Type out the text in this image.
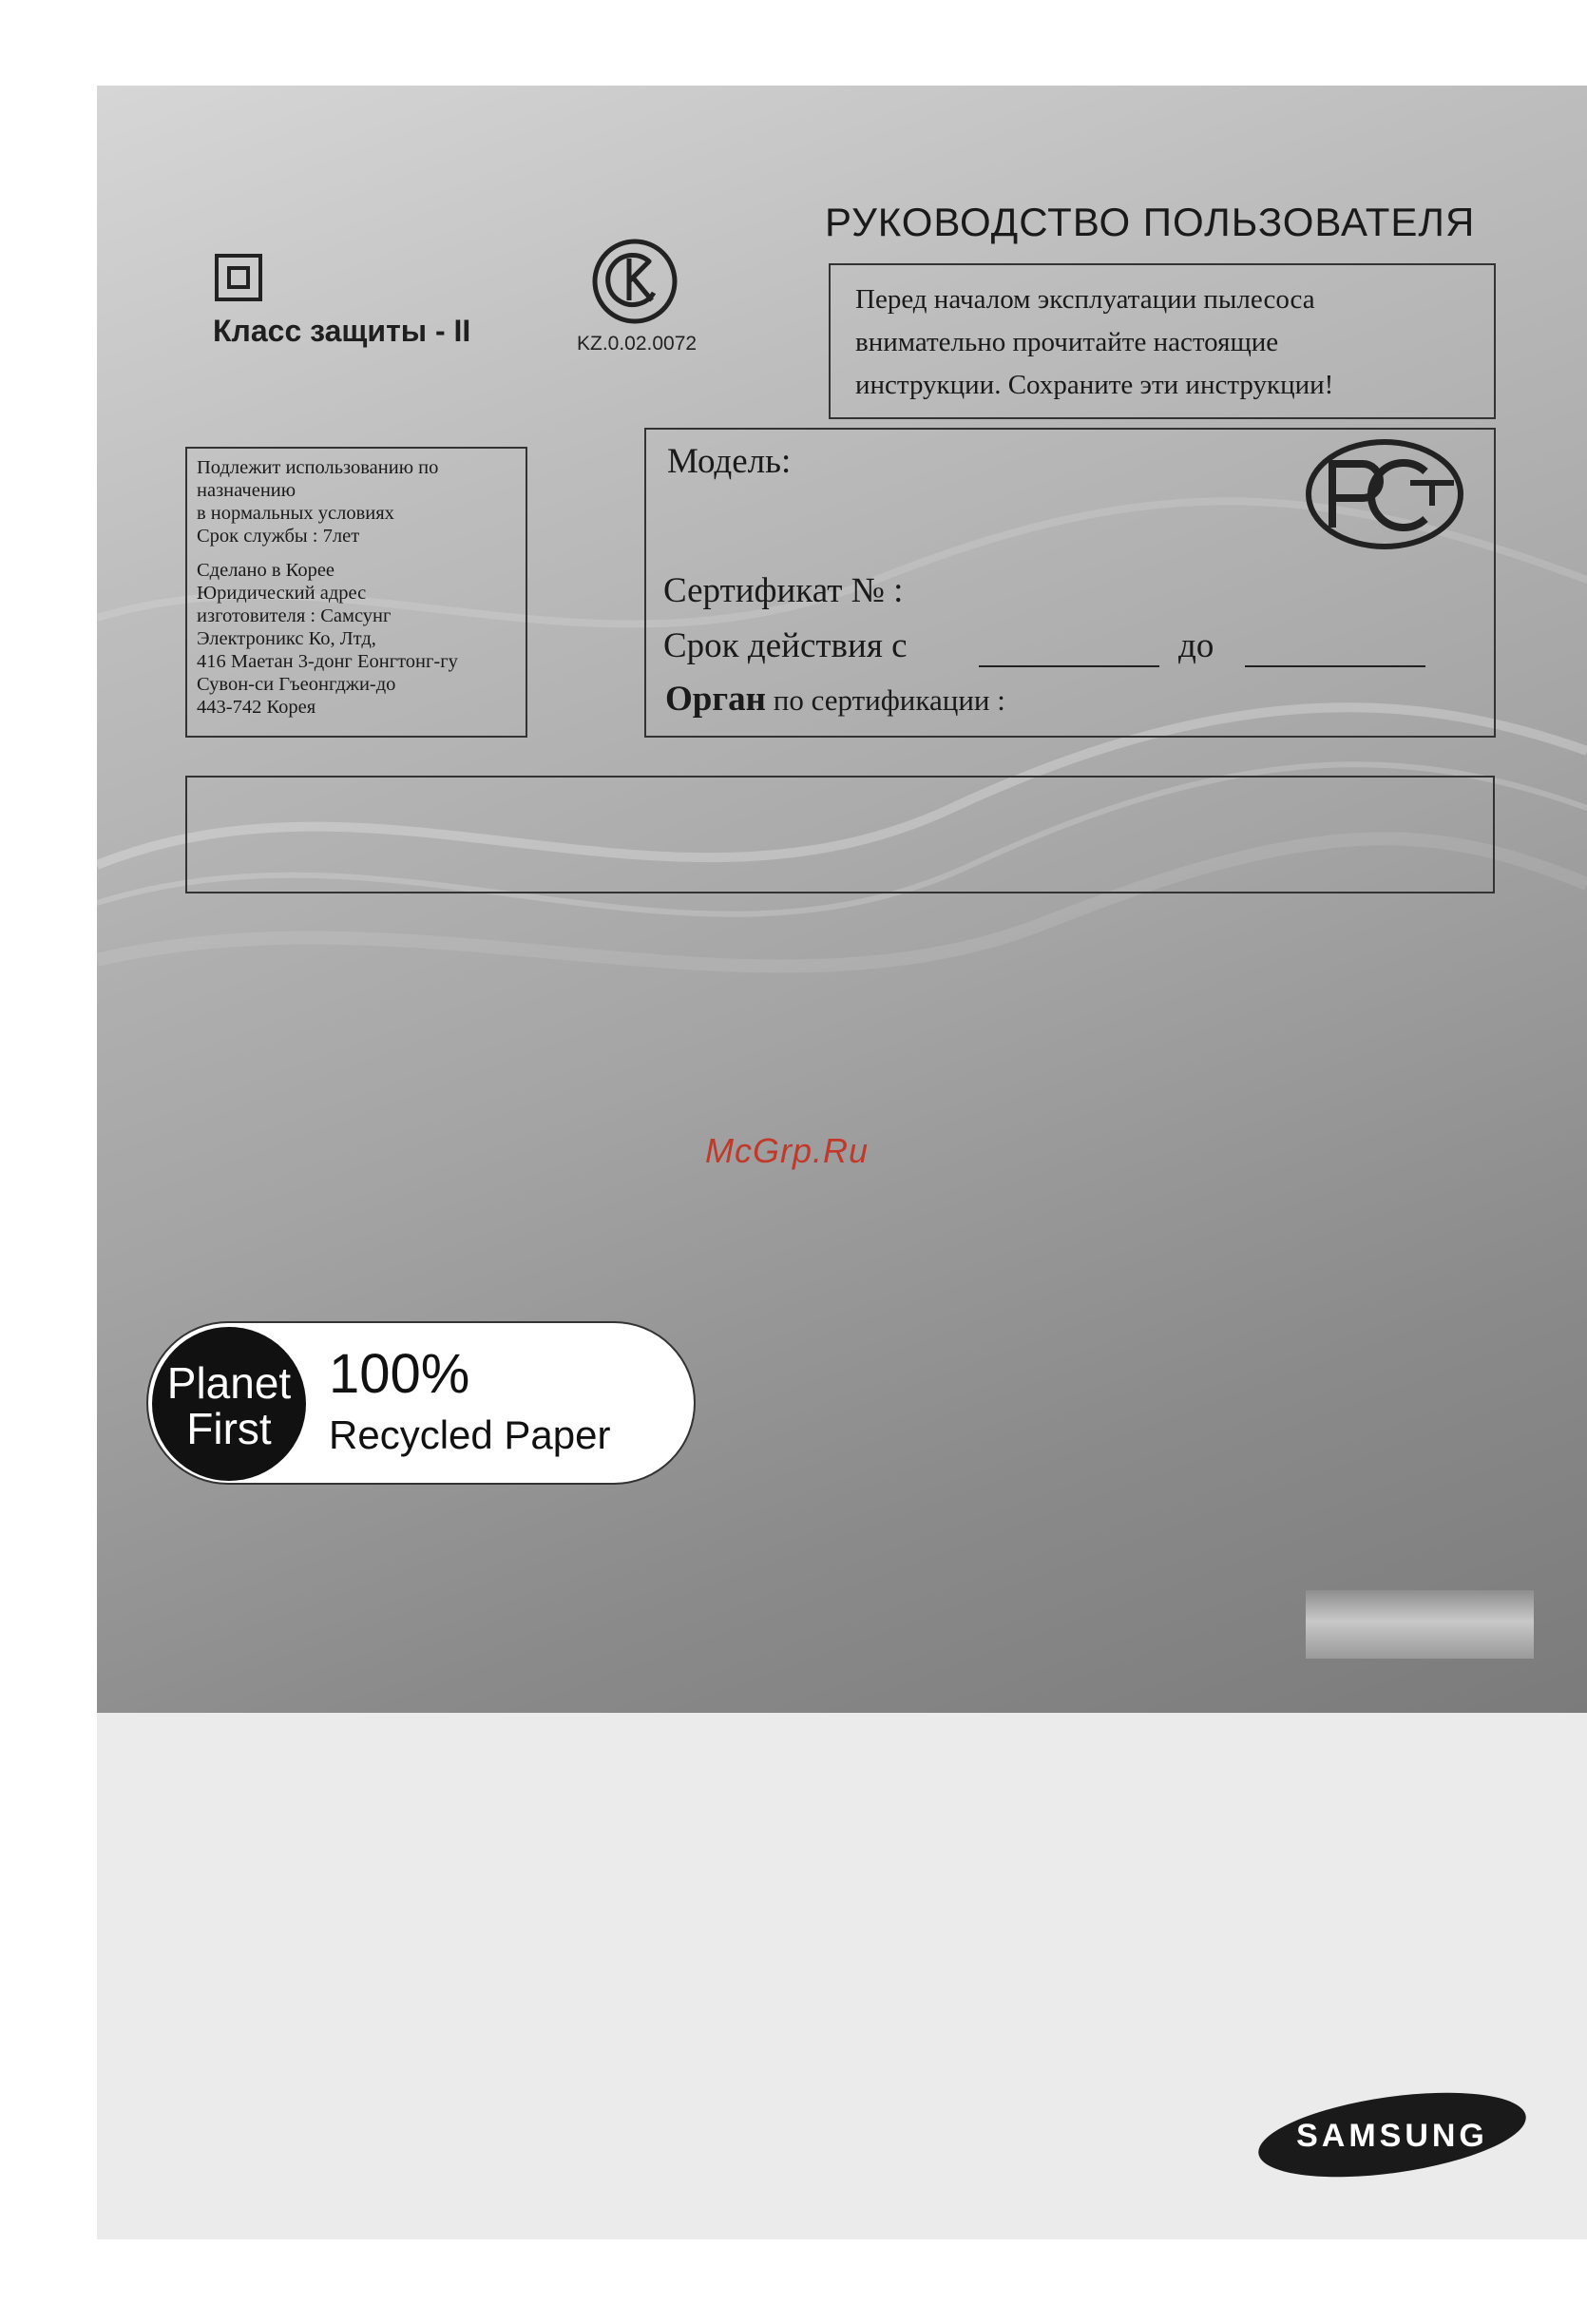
Класс защиты - II	KZ.0.02.0072
РУКОВОДСТВО ПОЛЬЗОВАТЕЛЯ
Перед началом эксплуатации пылесоса
внимательно прочитайте настоящие
инструкции. Сохраните эти инструкции!
Подлежит использованию по
назначению
в нормальных условиях
Срок службы : 7лет
Сделано в Корее
Юридический адрес
изготовителя : Самсунг
Электроникс Ко, Лтд,
416 Маетан 3-донг Еонгтонг-гу
Сувон-си Гъеонгджи-до
443-742 Корея
Модель:
Сертификат № :
Срок действия с	до
Орган по сертификации :
McGrp.Ru
Planet
First
100%
Recycled Paper
SAMSUNG
